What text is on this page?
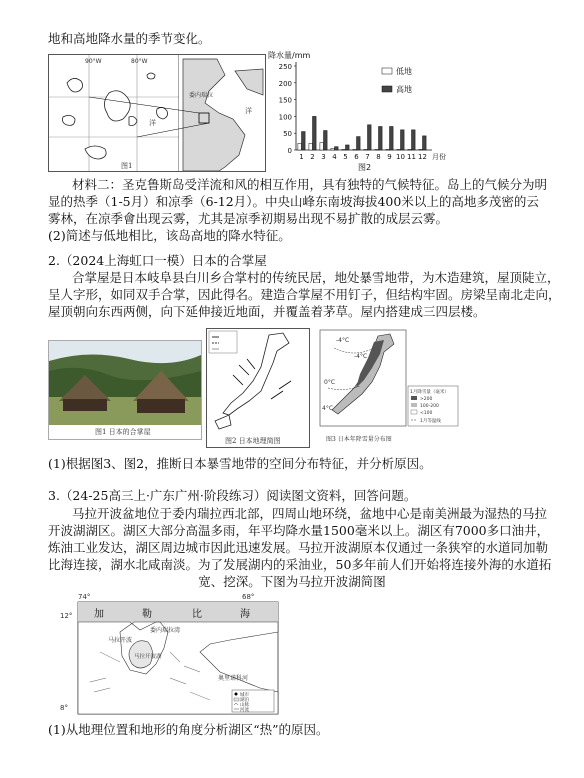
地和高地降水量的季节变化。
90°W	80°W
洋
委内瑞拉
洋
图1
降水量/mm
0
50
100
150
200
250
1 2 3 4 5 6 7 8 9 10 11 12 月份
图2
低地
高地
材料二：圣克鲁斯岛受洋流和风的相互作用，具有独特的气候特征。岛上的气候分为明
显的热季（1-5月）和凉季（6-12月）。中央山峰东南坡海拔400米以上的高地多茂密的云
雾林，在凉季會出现云雾，尤其是凉季初期易出现不易扩散的成层云雾。
(2)简述与低地相比，该岛高地的降水特征。
2.（2024上海虹口一模）日本的合掌屋
合掌屋是日本岐阜县白川乡合掌村的传统民居，地处暴雪地带，为木造建筑，屋顶陡立，
呈人字形，如同双手合掌，因此得名。建造合掌屋不用钉子，但结构牢固。房梁呈南北走向，
屋顶朝向东西两侧，向下延伸接近地面，并覆盖着茅草。屋内搭建成三四层楼。
图1 日本的合掌屋
图2 日本地理简图
-4°C
-4°C
0°C
4°C
1月降雪量（毫米）
>200
100-200
<100
1月等温线
图3 日本年降雪量分布图
(1)根据图3、图2，推断日本暴雪地带的空间分布特征，并分析原因。
3.（24-25高三上·广东广州·阶段练习）阅读图文资料，回答问题。
马拉开波盆地位于委内瑞拉西北部，四周山地环绕，盆地中心是南美洲最为湿热的马拉
开波湖湖区。湖区大部分高温多雨，年平均降水量1500毫米以上。湖区有7000多口油井，
炼油工业发达，湖区周边城市因此迅速发展。马拉开波湖原本仅通过一条狭窄的水道同加勒
比海连接，湖水北咸南淡。为了发展湖内的采油业，50多年前人们开始将连接外海的水道拓
宽、挖深。下图为马拉开波湖简图
74°	68°
12°
8°
加	勒	比	海
委内瑞拉湾
马拉开波
马拉开波湖
奥里诺科河
城市
湖泊
山脉
河流
(1)从地理位置和地形的角度分析湖区“热”的原因。
